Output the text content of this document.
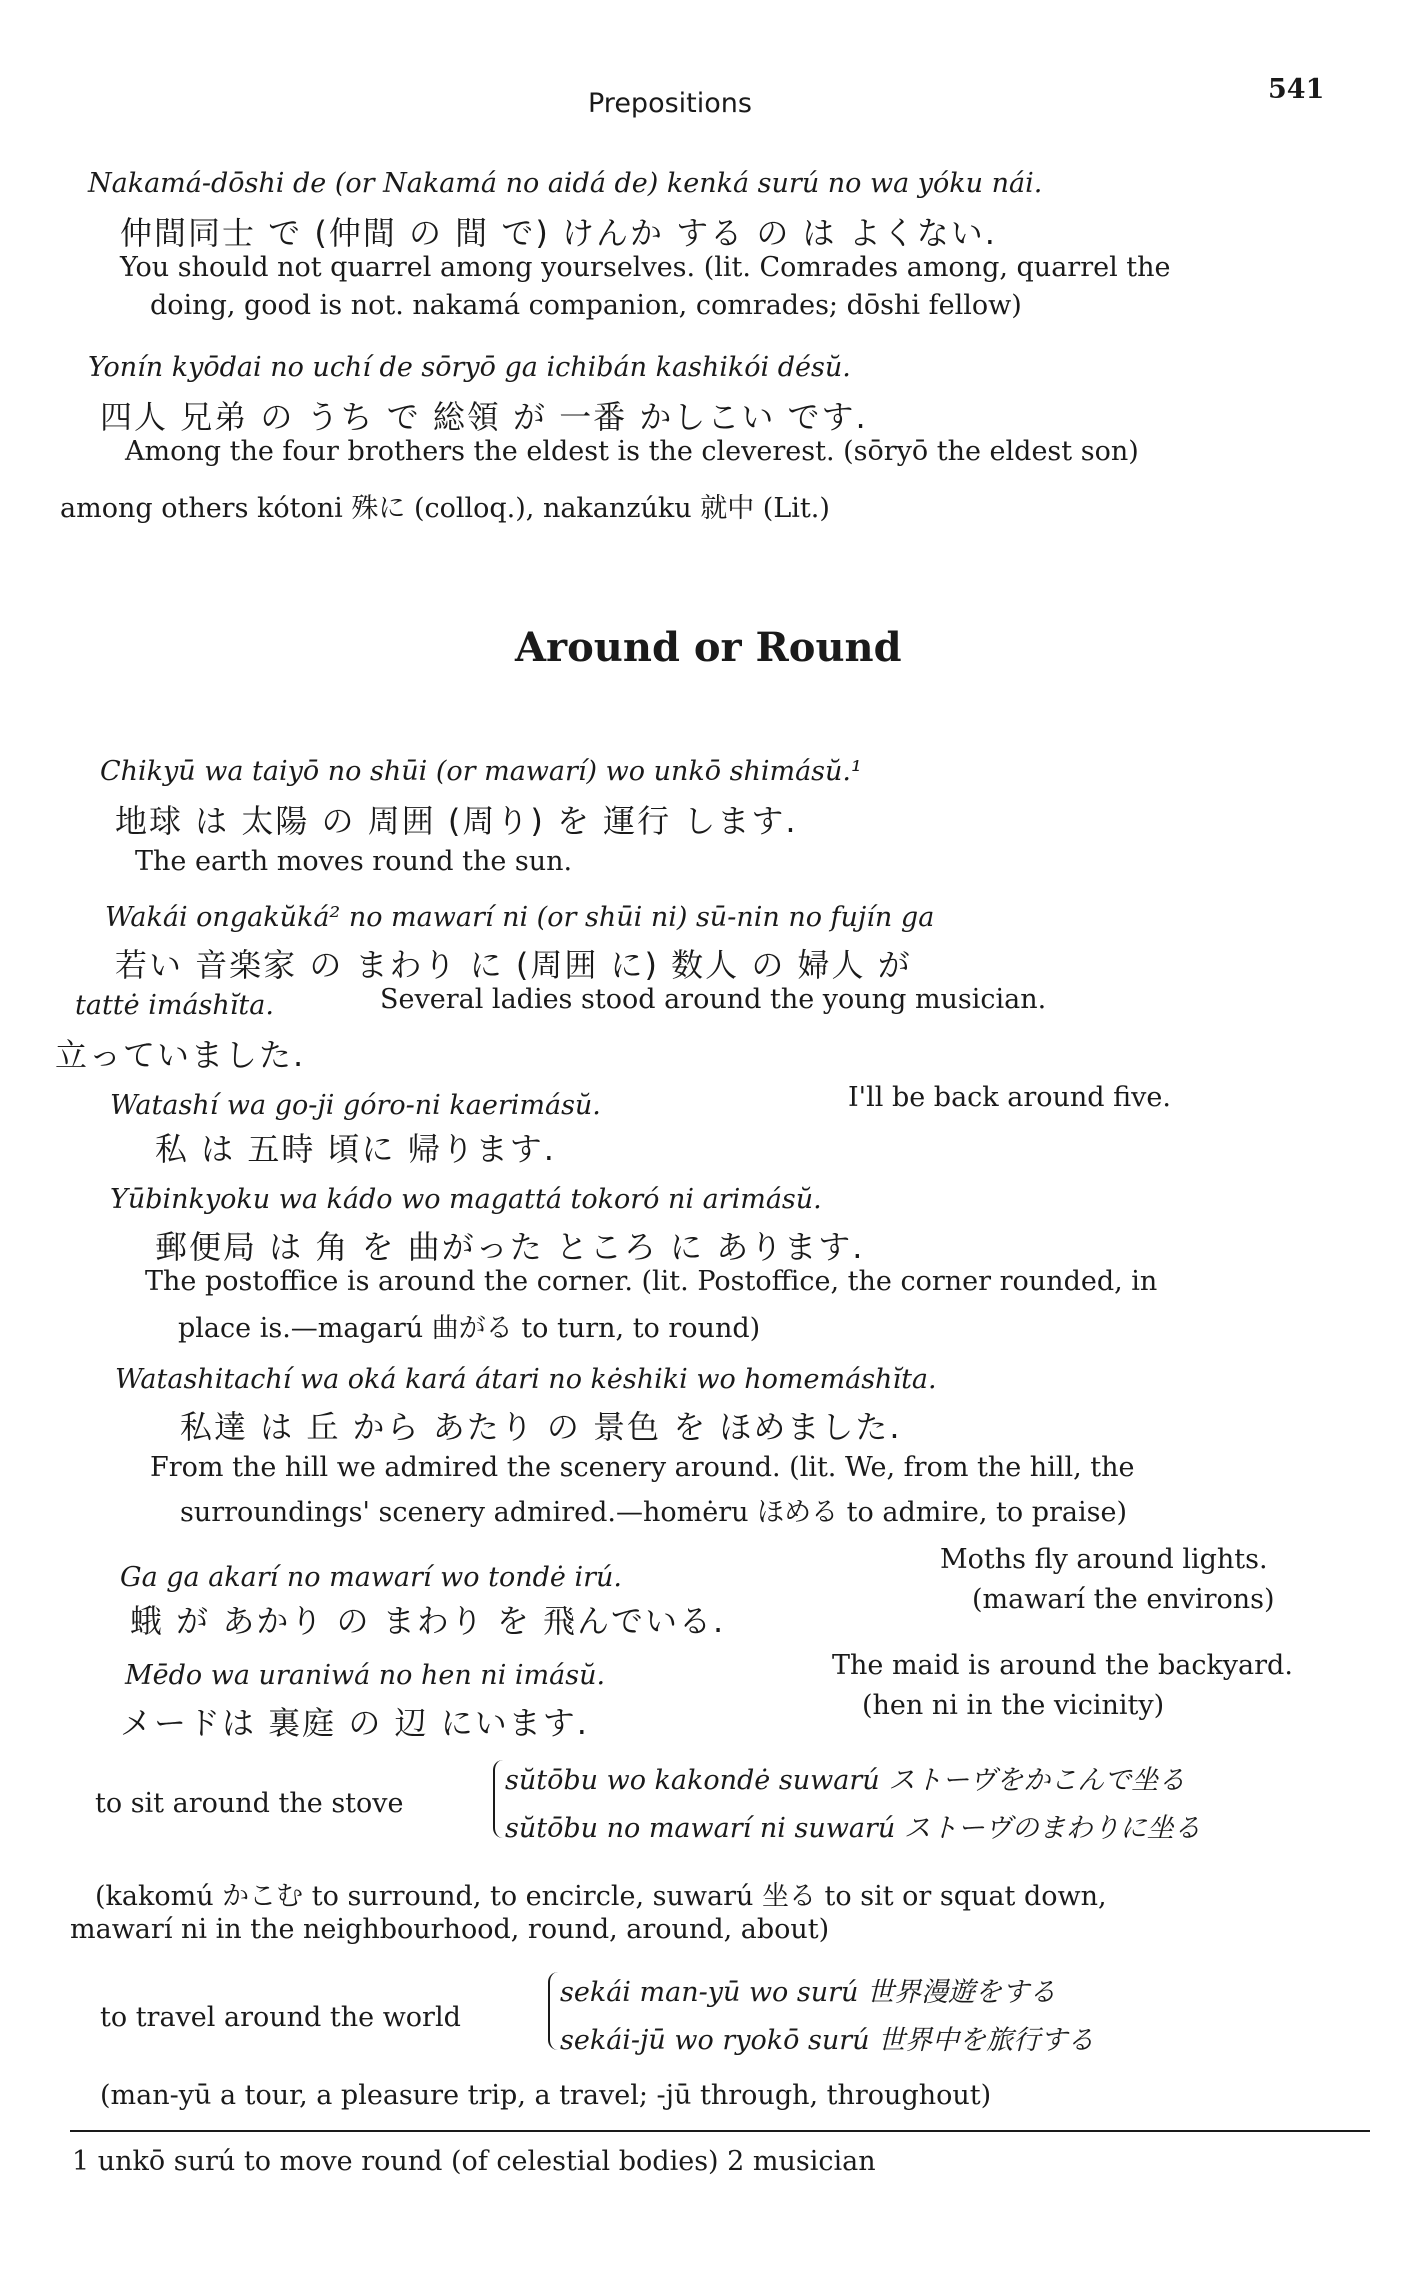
Prepositions	541
Nakamá-dōshi de (or Nakamá no aidá de) kenká surú no wa yóku nái.
仲間同士 で (仲間 の 間 で) けんか する の は よくない.
You should not quarrel among yourselves. (lit. Comrades among, quarrel the
doing, good is not. nakamá companion, comrades; dōshi fellow)
Yonín kyōdai no uchí de sōryō ga ichibán kashikói désŭ.
四人 兄弟 の うち で 総領 が 一番 かしこい です.
Among the four brothers the eldest is the cleverest. (sōryō the eldest son)
among others kótoni 殊に (colloq.), nakanzúku 就中 (Lit.)
Around or Round
Chikyū wa taiyō no shūi (or mawarí) wo unkō shimásŭ.¹
地球 は 太陽 の 周囲 (周り) を 運行 します.
The earth moves round the sun.
Wakái ongakŭká² no mawarí ni (or shūi ni) sū-nin no fujín ga
若い 音楽家 の まわり に (周囲 に) 数人 の 婦人 が
tattė imáshĭta.	Several ladies stood around the young musician.
立っていました.
Watashí wa go-ji góro-ni kaerimásŭ.	I'll be back around five.
私 は 五時 頃に 帰ります.
Yūbinkyoku wa kádo wo magattá tokoró ni arimásŭ.
郵便局 は 角 を 曲がった ところ に あります.
The postoffice is around the corner. (lit. Postoffice, the corner rounded, in
place is.—magarú 曲がる to turn, to round)
Watashitachí wa oká kará átari no kėshiki wo homemáshĭta.
私達 は 丘 から あたり の 景色 を ほめました.
From the hill we admired the scenery around. (lit. We, from the hill, the
surroundings' scenery admired.—homėru ほめる to admire, to praise)
Ga ga akarí no mawarí wo tondė irú.
Moths fly around lights.
蛾 が あかり の まわり を 飛んでいる.
(mawarí the environs)
Mēdo wa uraniwá no hen ni imásŭ.	The maid is around the backyard.
メードは 裏庭 の 辺 にいます.	(hen ni in the vicinity)
to sit around the stove
sŭtōbu wo kakondė suwarú ストーヴをかこんで坐る
sŭtōbu no mawarí ni suwarú ストーヴのまわりに坐る
(kakomú かこむ to surround, to encircle, suwarú 坐る to sit or squat down,
mawarí ni in the neighbourhood, round, around, about)
to travel around the world
sekái man-yū wo surú 世界漫遊をする
sekái-jū wo ryokō surú 世界中を旅行する
(man-yū a tour, a pleasure trip, a travel; -jū through, throughout)
1 unkō surú to move round (of celestial bodies) 2 musician
